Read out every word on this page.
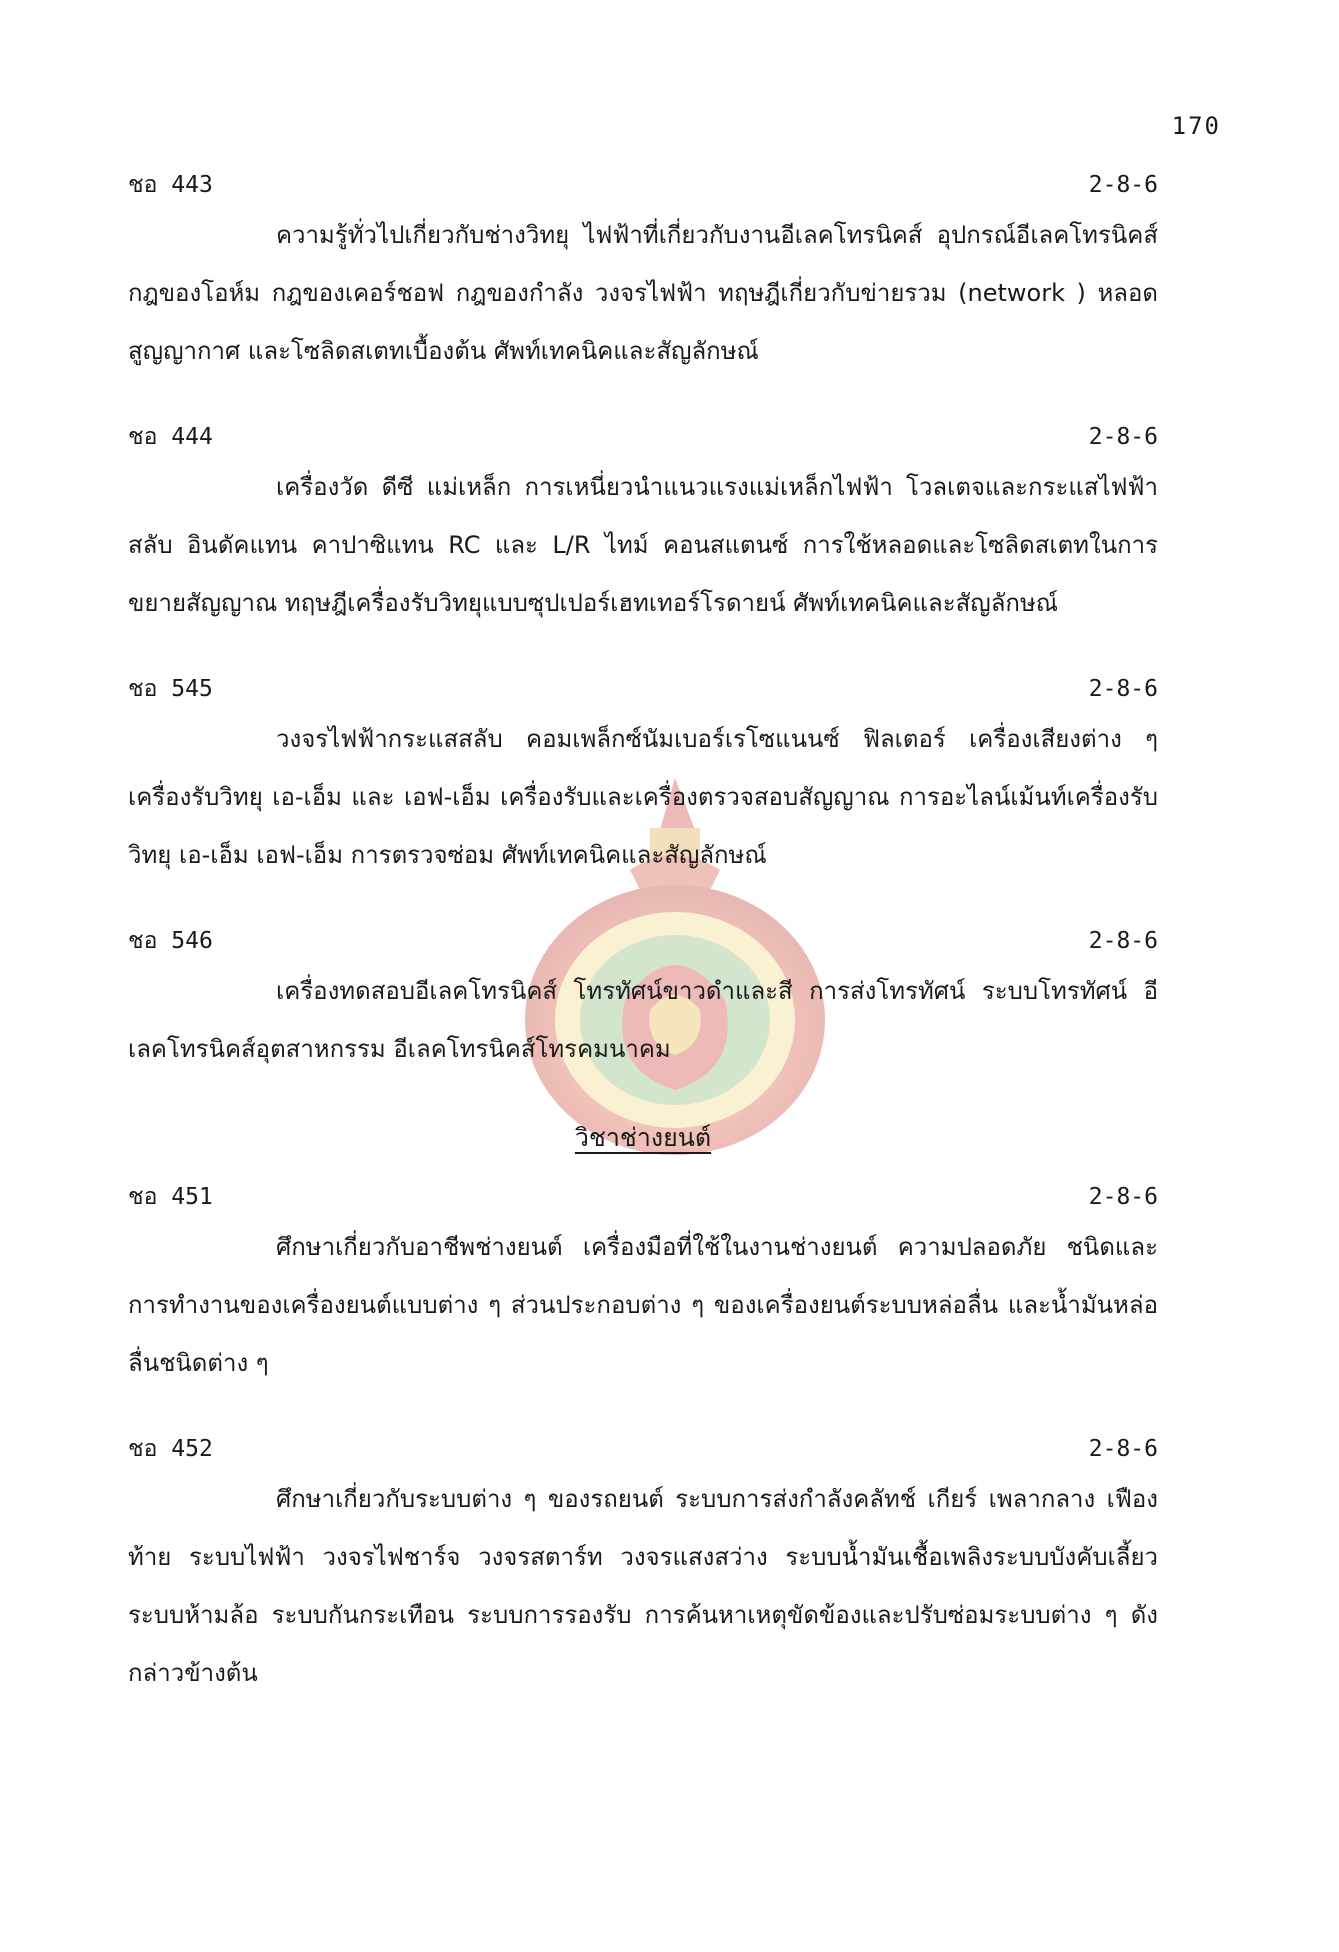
170
ชอ 443	2-8-6
ความรู้ทั่วไปเกี่ยวกับช่างวิทยุ ไฟฟ้าที่เกี่ยวกับงานอีเลคโทรนิคส์ อุปกรณ์อีเลคโทรนิคส์ กฎของโอห์ม กฎของเคอร์ชอฟ กฎของกำลัง วงจรไฟฟ้า ทฤษฎีเกี่ยวกับข่ายรวม (network ) หลอดสูญญากาศ และโซลิดสเตทเบื้องต้น ศัพท์เทคนิคและสัญลักษณ์
ชอ 444	2-8-6
เครื่องวัด ดีซี แม่เหล็ก การเหนี่ยวนำแนวแรงแม่เหล็กไฟฟ้า โวลเตจและกระแสไฟฟ้าสลับ อินดัคแทน คาปาซิแทน RC และ L/R ไทม์ คอนสแตนซ์ การใช้หลอดและโซลิดสเตทในการขยายสัญญาณ ทฤษฎีเครื่องรับวิทยุแบบซุปเปอร์เฮทเทอร์โรดายน์ ศัพท์เทคนิคและสัญลักษณ์
ชอ 545	2-8-6
วงจรไฟฟ้ากระแสสลับ คอมเพล็กซ์นัมเบอร์เรโซแนนซ์ ฟิลเตอร์ เครื่องเสียงต่าง ๆ เครื่องรับวิทยุ เอ-เอ็ม และ เอฟ-เอ็ม เครื่องรับและเครื่องตรวจสอบสัญญาณ การอะไลน์เม้นท์เครื่องรับวิทยุ เอ-เอ็ม เอฟ-เอ็ม การตรวจซ่อม ศัพท์เทคนิคและสัญลักษณ์
ชอ 546	2-8-6
เครื่องทดสอบอีเลคโทรนิคส์ โทรทัศน์ขาวดำและสี การส่งโทรทัศน์ ระบบโทรทัศน์ อีเลคโทรนิคส์อุตสาหกรรม อีเลคโทรนิคส์โทรคมนาคม
วิชาช่างยนต์
ชอ 451	2-8-6
ศึกษาเกี่ยวกับอาชีพช่างยนต์ เครื่องมือที่ใช้ในงานช่างยนต์ ความปลอดภัย ชนิดและการทำงานของเครื่องยนต์แบบต่าง ๆ ส่วนประกอบต่าง ๆ ของเครื่องยนต์ระบบหล่อลื่น และน้ำมันหล่อลื่นชนิดต่าง ๆ
ชอ 452	2-8-6
ศึกษาเกี่ยวกับระบบต่าง ๆ ของรถยนต์ ระบบการส่งกำลังคลัทช์ เกียร์ เพลากลาง เฟืองท้าย ระบบไฟฟ้า วงจรไฟชาร์จ วงจรสตาร์ท วงจรแสงสว่าง ระบบน้ำมันเชื้อเพลิงระบบบังคับเลี้ยวระบบห้ามล้อ ระบบกันกระเทือน ระบบการรองรับ การค้นหาเหตุขัดข้องและปรับซ่อมระบบต่าง ๆ ดังกล่าวข้างต้น
